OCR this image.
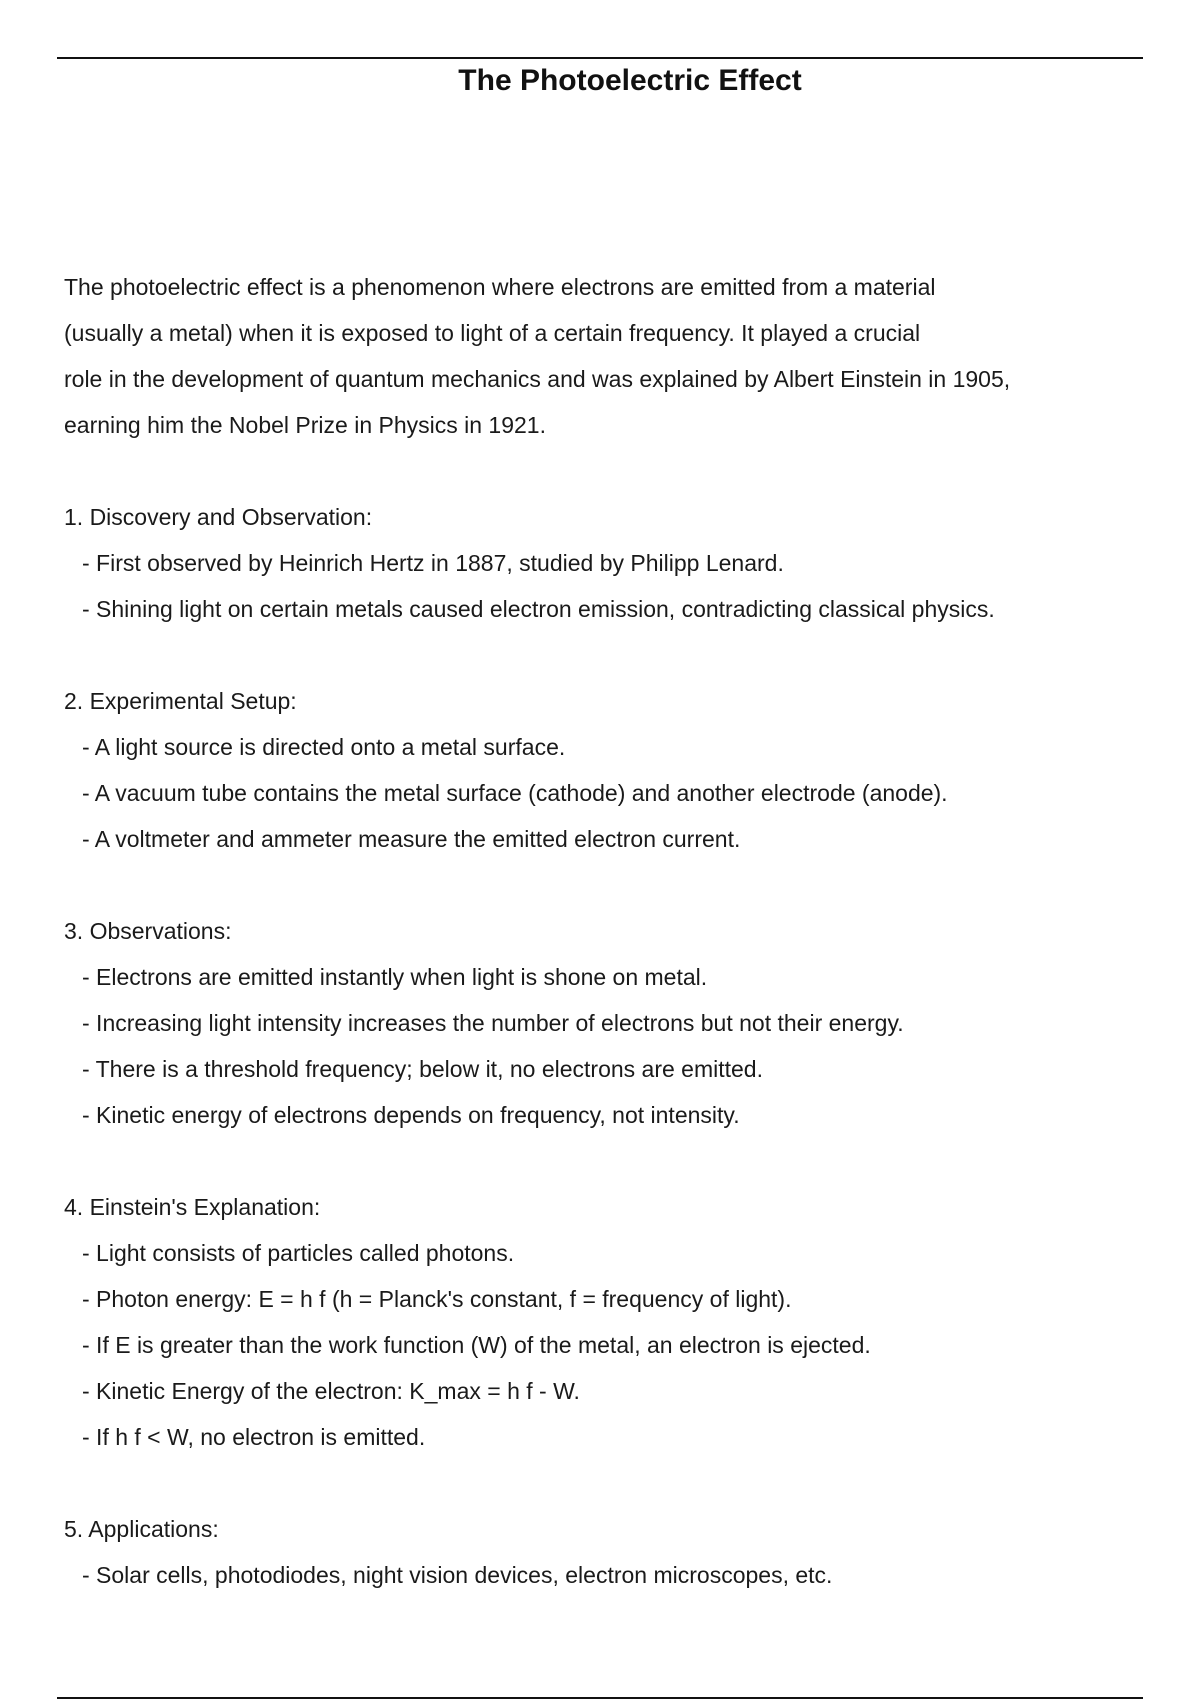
The Photoelectric Effect

The photoelectric effect is a phenomenon where electrons are emitted from a material

(usually a metal) when it is exposed to light of a certain frequency. It played a crucial

role in the development of quantum mechanics and was explained by Albert Einstein in 1905,

earning him the Nobel Prize in Physics in 1921.

1. Discovery and Observation:

- First observed by Heinrich Hertz in 1887, studied by Philipp Lenard.
- Shining light on certain metals caused electron emission, contradicting classical physics.

2. Experimental Setup:

- A light source is directed onto a metal surface.
- A vacuum tube contains the metal surface (cathode) and another electrode (anode).
- A voltmeter and ammeter measure the emitted electron current.

3. Observations:

- Electrons are emitted instantly when light is shone on metal.
- Increasing light intensity increases the number of electrons but not their energy.
- There is a threshold frequency; below it, no electrons are emitted.
- Kinetic energy of electrons depends on frequency, not intensity.

4. Einstein's Explanation:

- Light consists of particles called photons.
- Photon energy: E = h f (h = Planck's constant, f = frequency of light).
- If E is greater than the work function (W) of the metal, an electron is ejected.
- Kinetic Energy of the electron: K_max = h f - W.
- If h f < W, no electron is emitted.

5. Applications:

- Solar cells, photodiodes, night vision devices, electron microscopes, etc.
